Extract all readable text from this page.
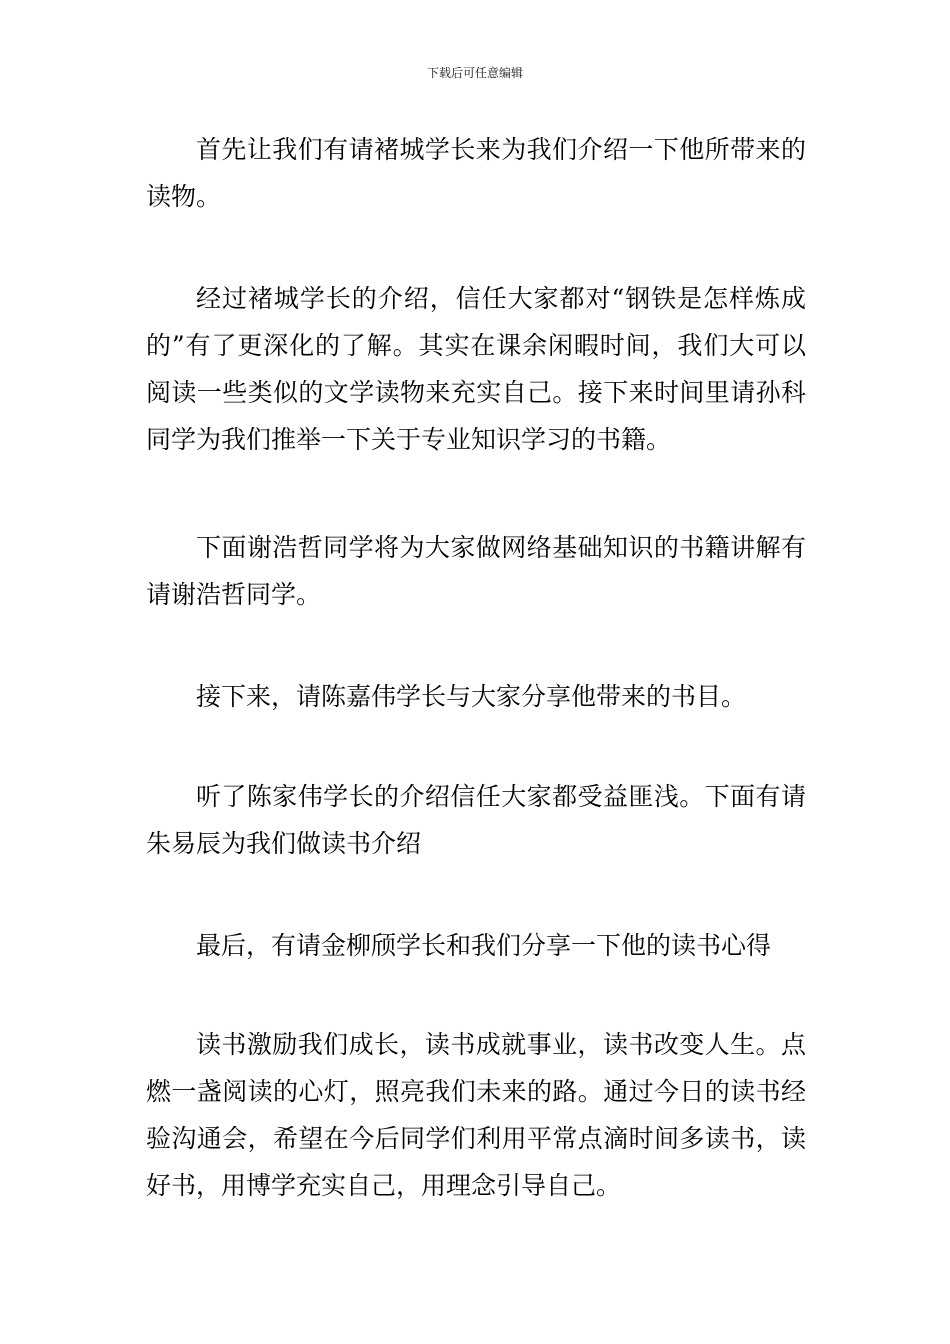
下载后可任意编辑

首先让我们有请褚城学长来为我们介绍一下他所带来的读物。

经过褚城学长的介绍，信任大家都对“钢铁是怎样炼成的”有了更深化的了解。其实在课余闲暇时间，我们大可以阅读一些类似的文学读物来充实自己。接下来时间里请孙科同学为我们推举一下关于专业知识学习的书籍。

下面谢浩哲同学将为大家做网络基础知识的书籍讲解有请谢浩哲同学。

接下来，请陈嘉伟学长与大家分享他带来的书目。

听了陈家伟学长的介绍信任大家都受益匪浅。下面有请朱易辰为我们做读书介绍

最后，有请金柳颀学长和我们分享一下他的读书心得

读书激励我们成长，读书成就事业，读书改变人生。点燃一盏阅读的心灯，照亮我们未来的路。通过今日的读书经验沟通会，希望在今后同学们利用平常点滴时间多读书，读好书，用博学充实自己，用理念引导自己。
